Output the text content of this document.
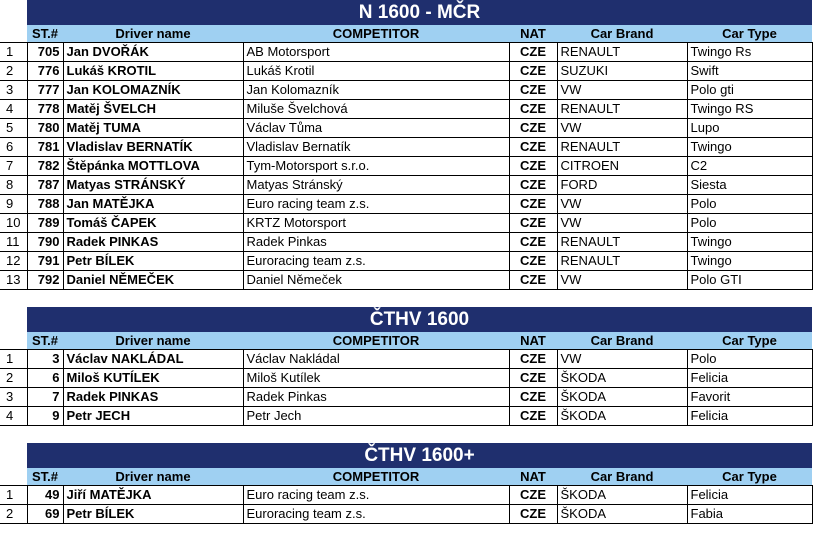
	N 1600 - MČR					
	ST.#	Driver name	COMPETITOR	NAT	Car Brand	Car Type
1	705	Jan DVOŘÁK	AB Motorsport	CZE	RENAULT	Twingo Rs
2	776	Lukáš KROTIL	Lukáš Krotil	CZE	SUZUKI	Swift
3	777	Jan KOLOMAZNÍK	Jan Kolomazník	CZE	VW	Polo gti
4	778	Matěj ŠVELCH	Miluše Švelchová	CZE	RENAULT	Twingo RS
5	780	Matěj TUMA	Václav Tůma	CZE	VW	Lupo
6	781	Vladislav BERNATÍK	Vladislav Bernatík	CZE	RENAULT	Twingo
7	782	Štěpánka MOTTLOVA	Tym-Motorsport s.r.o.	CZE	CITROEN	C2
8	787	Matyas STRÁNSKÝ	Matyas Stránský	CZE	FORD	Siesta
9	788	Jan MATĚJKA	Euro racing team z.s.	CZE	VW	Polo
10	789	Tomáš ČAPEK	KRTZ Motorsport	CZE	VW	Polo
11	790	Radek PINKAS	Radek Pinkas	CZE	RENAULT	Twingo
12	791	Petr BÍLEK	Euroracing team z.s.	CZE	RENAULT	Twingo
13	792	Daniel NĚMEČEK	Daniel Němeček	CZE	VW	Polo GTI

	ČTHV 1600					
	ST.#	Driver name	COMPETITOR	NAT	Car Brand	Car Type
1	3	Václav NAKLÁDAL	Václav Nakládal	CZE	VW	Polo
2	6	Miloš KUTÍLEK	Miloš Kutílek	CZE	ŠKODA	Felicia
3	7	Radek PINKAS	Radek Pinkas	CZE	ŠKODA	Favorit
4	9	Petr JECH	Petr Jech	CZE	ŠKODA	Felicia

	ČTHV 1600+					
	ST.#	Driver name	COMPETITOR	NAT	Car Brand	Car Type
1	49	Jiří MATĚJKA	Euro racing team z.s.	CZE	ŠKODA	Felicia
2	69	Petr BÍLEK	Euroracing team z.s.	CZE	ŠKODA	Fabia
